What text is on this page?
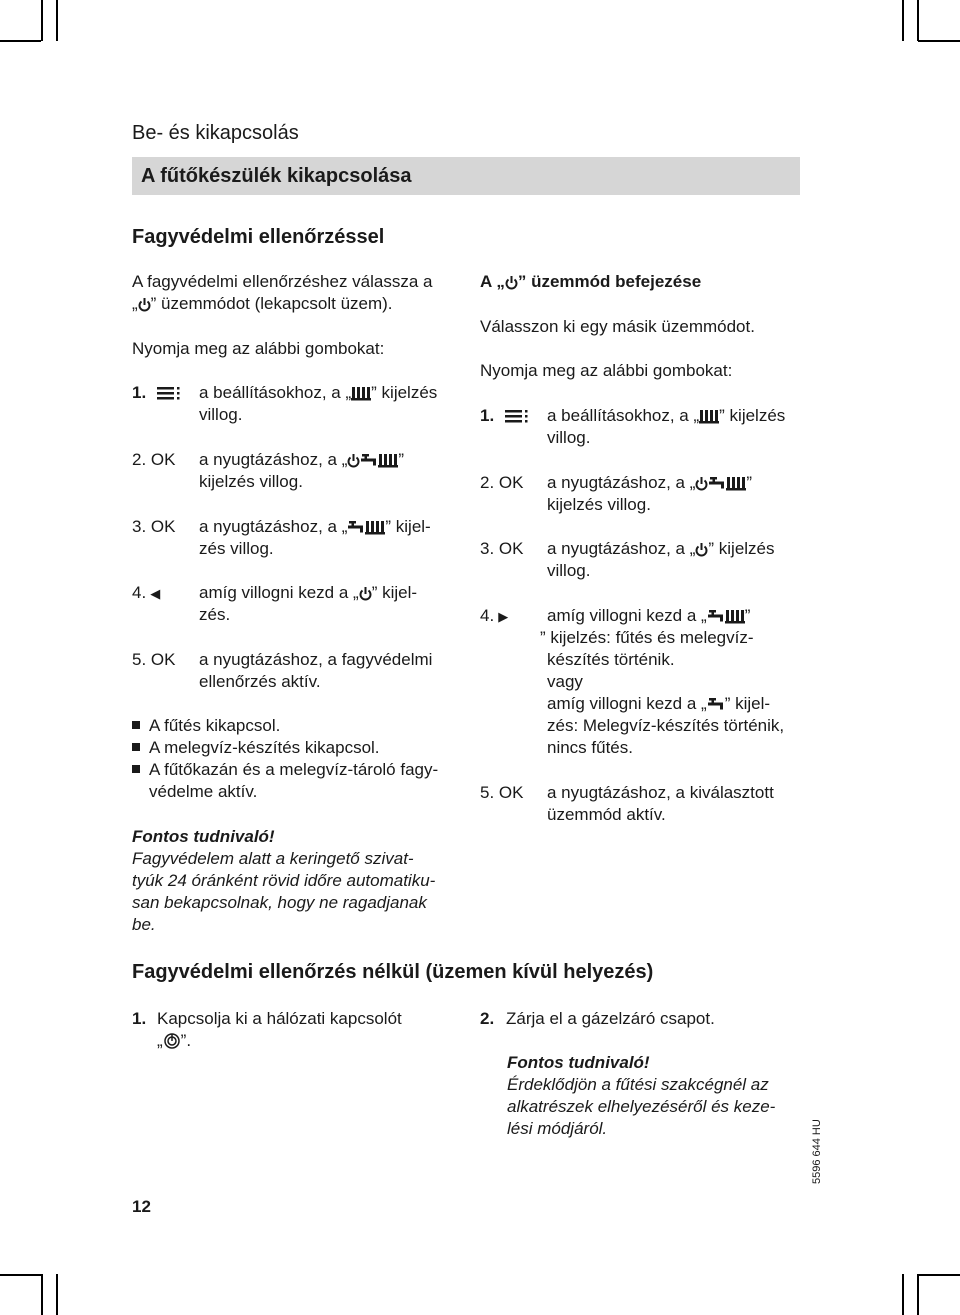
Be- és kikapcsolás
A fűtőkészülék kikapcsolása
Fagyvédelmi ellenőrzéssel
A fagyvédelmi ellenőrzéshez válassza a
„ ” üzemmódot (lekapcsolt üzem).
Nyomja meg az alábbi gombokat:
1.	a beállításokhoz, a „ ” kijelzés
villog.
2. OK a nyugtázáshoz, a „	”
kijelzés villog.
3. OK a nyugtázáshoz, a „ ” kijel-
zés villog.
4. ◀ amíg villogni kezd a „ ” kijel-
zés.
5. OK a nyugtázáshoz, a fagyvédelmi
ellenőrzés aktív.
A fűtés kikapcsol.
A melegvíz-készítés kikapcsol.
A fűtőkazán és a melegvíz-tároló fagy-
védelme aktív.
Fontos tudnivaló!
Fagyvédelem alatt a keringető szivat-
tyúk 24 óránként rövid időre automatiku-
san bekapcsolnak, hogy ne ragadjanak
be.
A „ ” üzemmód befejezése
Válasszon ki egy másik üzemmódot.
Nyomja meg az alábbi gombokat:
1.	a beállításokhoz, a „ ” kijelzés
villog.
2. OK a nyugtázáshoz, a „	”
kijelzés villog.
3. OK a nyugtázáshoz, a „ ” kijelzés
villog.
4. ▶ amíg villogni kezd a „ ”
” kijelzés: fűtés és melegvíz-
készítés történik.
vagy
amíg villogni kezd a „ ” kijel-
zés: Melegvíz-készítés történik,
nincs fűtés.
5. OK a nyugtázáshoz, a kiválasztott
üzemmód aktív.
Fagyvédelmi ellenőrzés nélkül (üzemen kívül helyezés)
1. Kapcsolja ki a hálózati kapcsolót
„ ”.
2. Zárja el a gázelzáró csapot.
Fontos tudnivaló!
Érdeklődjön a fűtési szakcégnél az
alkatrészek elhelyezéséről és keze-
lési módjáról.
12
5596 644 HU
